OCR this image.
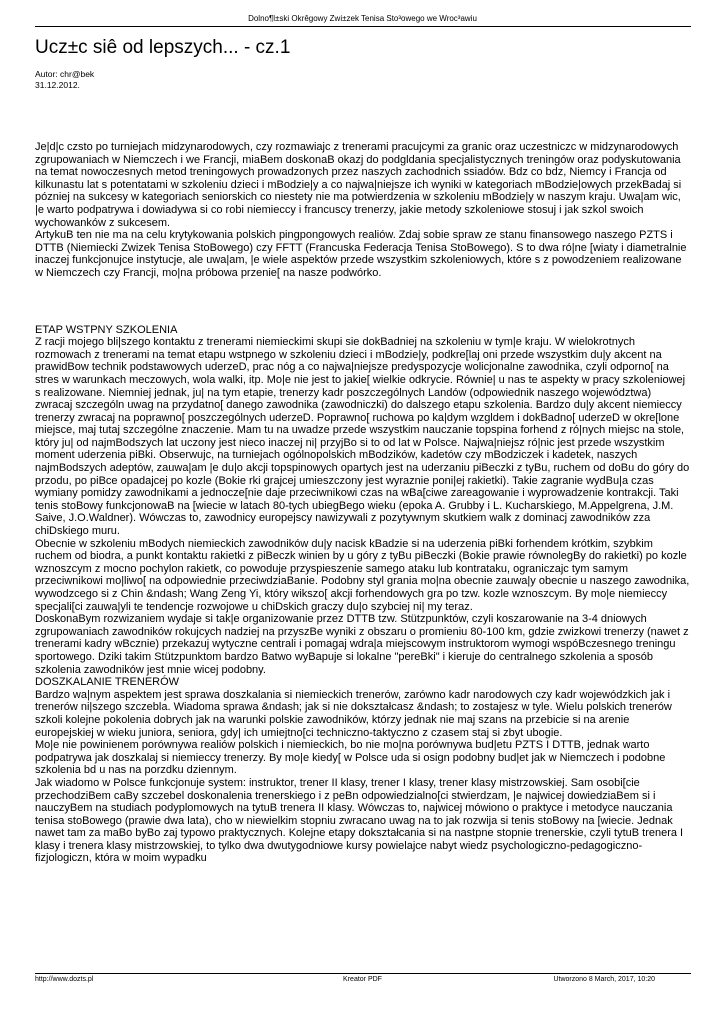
Dolno¶l±ski Okrêgowy Zwi±zek Tenisa Sto³owego we Wroc³awiu
Ucz±c siê od lepszych... - cz.1
Autor: chr@bek
31.12.2012.

Je|d|c czsto po turniejach midzynarodowych, czy rozmawiajc z trenerami pracujcymi za granic oraz uczestniczc w midzynarodowych zgrupowaniach w Niemczech i we Francji, miaBem doskonaB okazj do podgldania specjalistycznych treningów oraz podyskutowania na temat nowoczesnych metod treningowych prowadzonych przez naszych zachodnich ssiadów. Bdz co bdz, Niemcy i Francja od kilkunastu lat s potentatami w szkoleniu dzieci i mBodzie|y a co najwa|niejsze ich wyniki w kategoriach mBodzie|owych przekBadaj si pózniej na sukcesy w kategoriach seniorskich co niestety nie ma potwierdzenia w szkoleniu mBodzie|y w naszym kraju. Uwa|am wic, |e warto podpatrywa i dowiadywa si co robi niemieccy i francuscy trenerzy, jakie metody szkoleniowe stosuj i jak szkol swoich wychowanków z sukcesem.

ArtykuB ten nie ma na celu krytykowania polskich pingpongowych realiów. Zdaj sobie spraw ze stanu finansowego naszego PZTS i DTTB (Niemiecki Zwizek Tenisa StoBowego) czy FFTT (Francuska Federacja Tenisa StoBowego). S to dwa ró|ne [wiaty i diametralnie inaczej funkcjonujce instytucje, ale uwa|am, |e wiele aspektów przede wszystkim szkoleniowych, które s z powodzeniem realizowane w Niemczech czy Francji, mo|na próbowa przenie[ na nasze podwórko.

ETAP WSTPNY SZKOLENIA

Z racji mojego bli|szego kontaktu z trenerami niemieckimi skupi sie dokBadniej na szkoleniu w tym|e kraju. W wielokrotnych rozmowach z trenerami na temat etapu wstpnego w szkoleniu dzieci i mBodzie|y, podkre[laj oni przede wszystkim du|y akcent na prawidBow technik podstawowych uderzeD, prac nóg a co najwa|niejsze predyspozycje wolicjonalne zawodnika, czyli odporno[ na stres w warunkach meczowych, wola walki, itp. Mo|e nie jest to jakie[ wielkie odkrycie. Równie| u nas te aspekty w pracy szkoleniowej s realizowane. Niemniej jednak, ju| na tym etapie, trenerzy kadr poszczególnych Landów (odpowiednik naszego województwa) zwracaj szczególn uwag na przydatno[ danego zawodnika (zawodniczki) do dalszego etapu szkolenia. Bardzo du|y akcent niemieccy trenerzy zwracaj na poprawno[ poszczególnych uderzeD. Poprawno[ ruchowa po ka|dym wzgldem i dokBadno[ uderzeD w okre[lone miejsce, maj tutaj szczególne znaczenie. Mam tu na uwadze przede wszystkim nauczanie topspina forhend z ró|nych miejsc na stole, który ju| od najmBodszych lat uczony jest nieco inaczej ni| przyjBo si to od lat w Polsce. Najwa|niejsz ró|nic jest przede wszystkim moment uderzenia piBki. Obserwujc, na turniejach ogólnopolskich mBodzików, kadetów czy mBodziczek i kadetek, naszych najmBodszych adeptów, zauwa|am |e du|o akcji topspinowych opartych jest na uderzaniu piBeczki z tyBu, ruchem od doBu do góry do przodu, po piBce opadajcej po kozle (Bokie rki grajcej umieszczony jest wyraznie poni|ej rakietki). Takie zagranie wydBu|a czas wymiany pomidzy zawodnikami a jednocze[nie daje przeciwnikowi czas na wBa[ciwe zareagowanie i wyprowadzenie kontrakcji. Taki tenis stoBowy funkcjonowaB na [wiecie w latach 80-tych ubiegBego wieku (epoka A. Grubby i L. Kucharskiego, M.Appelgrena, J.M. Saive, J.O.Waldner). Wówczas to, zawodnicy europejscy nawizywali z pozytywnym skutkiem walk z dominacj zawodników zza chiDskiego muru.

Obecnie w szkoleniu mBodych niemieckich zawodników du|y nacisk kBadzie si na uderzenia piBki forhendem krótkim, szybkim ruchem od biodra, a punkt kontaktu rakietki z piBeczk winien by u góry z tyBu piBeczki (Bokie prawie równolegBy do rakietki) po kozle wznoszcym z mocno pochylon rakietk, co powoduje przyspieszenie samego ataku lub kontrataku, ograniczajc tym samym przeciwnikowi mo|liwo[ na odpowiednie przeciwdziaBanie. Podobny styl grania mo|na obecnie zauwa|y obecnie u naszego zawodnika, wywodzcego si z Chin &ndash; Wang Zeng Yi, który wikszo[ akcji forhendowych gra po tzw. kozle wznoszcym. By mo|e niemieccy specjali[ci zauwa|yli te tendencje rozwojowe u chiDskich graczy du|o szybciej ni| my teraz.

DoskonaBym rozwizaniem wydaje si tak|e organizowanie przez DTTB tzw. Stützpunktów, czyli koszarowanie na 3-4 dniowych zgrupowaniach zawodników rokujcych nadziej na przyszBe wyniki z obszaru o promieniu 80-100 km, gdzie zwizkowi trenerzy (nawet z trenerami kadry wBcznie) przekazuj wytyczne centrali i pomagaj wdra|a miejscowym instruktorom wymogi wspóBczesnego treningu sportowego. Dziki takim Stützpunktom bardzo Batwo wyBapuje si lokalne "pereBki" i kieruje do centralnego szkolenia a sposób szkolenia zawodników jest mnie wicej podobny.

DOSZKALANIE TRENERÓW

Bardzo wa|nym aspektem jest sprawa doszkalania si niemieckich trenerów, zarówno kadr narodowych czy kadr wojewódzkich jak i trenerów ni|szego szczebla. Wiadoma sprawa &ndash; jak si nie dokształcasz &ndash; to zostajesz w tyle. Wielu polskich trenerów szkoli kolejne pokolenia dobrych jak na warunki polskie zawodników, którzy jednak nie maj szans na przebicie si na arenie europejskiej w wieku juniora, seniora, gdy| ich umiejtno[ci techniczno-taktyczno z czasem staj si zbyt ubogie.

Mo|e nie powinienem porównywa realiów polskich i niemieckich, bo nie mo|na porównywa bud|etu PZTS I DTTB, jednak warto podpatrywa jak doszkalaj si niemieccy trenerzy. By mo|e kiedy[ w Polsce uda si osign podobny bud|et jak w Niemczech i podobne szkolenia bd u nas na porzdku dziennym.

Jak wiadomo w Polsce funkcjonuje system: instruktor, trener II klasy, trener I klasy, trener klasy mistrzowskiej. Sam osobi[cie przechodziBem caBy szczebel doskonalenia trenerskiego i z peBn odpowiedzialno[ci stwierdzam, |e najwicej dowiedziaBem si i nauczyBem na studiach podyplomowych na tytuB trenera II klasy. Wówczas to, najwicej mówiono o praktyce i metodyce nauczania tenisa stoBowego (prawie dwa lata), cho w niewielkim stopniu zwracano uwag na to jak rozwija si tenis stoBowy na [wiecie. Jednak nawet tam za maBo byBo zaj typowo praktycznych. Kolejne etapy dokształcania si na nastpne stopnie trenerskie, czyli tytuB trenera I klasy i trenera klasy mistrzowskiej, to tylko dwa dwutygodniowe kursy powielajce nabyt wiedz psychologiczno-pedagogiczno-fizjologiczn, która w moim wypadku

http://www.dozts.pl	Kreator PDF	Utworzono 8 March, 2017, 10:20
